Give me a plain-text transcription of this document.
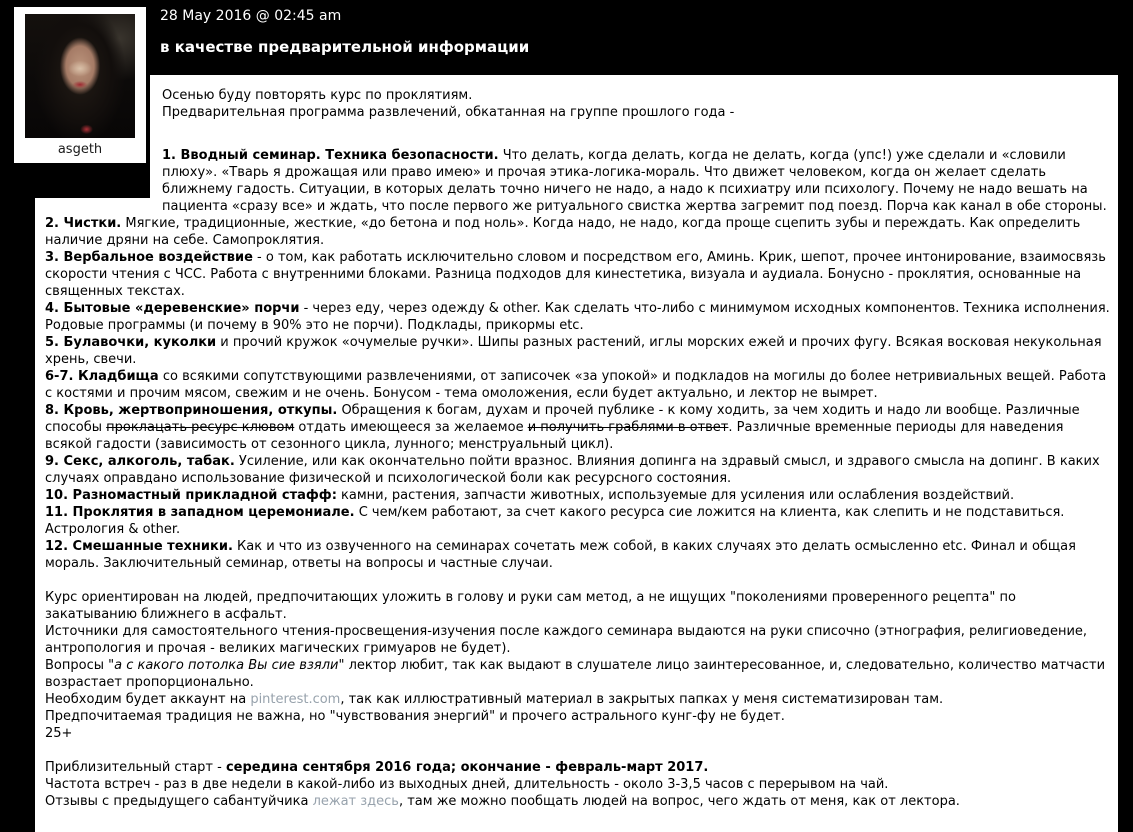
28 May 2016 @ 02:45 am
в качестве предварительной информации
asgeth
Осенью буду повторять курс по проклятиям.
Предварительная программа развлечений, обкатанная на группе прошлого года -
1. Вводный семинар. Техника безопасности. Что делать, когда делать, когда не делать, когда (упс!) уже сделали и «словили плюху». «Тварь я дрожащая или право имею» и прочая этика-логика-мораль. Что движет человеком, когда он желает сделать ближнему гадость. Ситуации, в которых делать точно ничего не надо, а надо к психиатру или психологу. Почему не надо вешать на пациента «сразу все» и ждать, что после первого же ритуального свистка жертва загремит под поезд. Порча как канал в обе стороны.
2. Чистки. Мягкие, традиционные, жесткие, «до бетона и под ноль». Когда надо, не надо, когда проще сцепить зубы и переждать. Как определить наличие дряни на себе. Самопроклятия.
3. Вербальное воздействие - о том, как работать исключительно словом и посредством его, Аминь. Крик, шепот, прочее интонирование, взаимосвязь скорости чтения с ЧСС. Работа с внутренними блоками. Разница подходов для кинестетика, визуала и аудиала. Бонусно - проклятия, основанные на священных текстах.
4. Бытовые «деревенские» порчи - через еду, через одежду & other. Как сделать что-либо с минимумом исходных компонентов. Техника исполнения. Родовые программы (и почему в 90% это не порчи). Подклады, прикормы etc.
5. Булавочки, куколки и прочий кружок «очумелые ручки». Шипы разных растений, иглы морских ежей и прочих фугу. Всякая восковая некукольная хрень, свечи.
6-7. Кладбища со всякими сопутствующими развлечениями, от записочек «за упокой» и подкладов на могилы до более нетривиальных вещей. Работа с костями и прочим мясом, свежим и не очень. Бонусом - тема омоложения, если будет актуально, и лектор не вымрет.
8. Кровь, жертвоприношения, откупы. Обращения к богам, духам и прочей публике - к кому ходить, за чем ходить и надо ли вообще. Различные способы проклацать ресурс клювом отдать имеющееся за желаемое и получить граблями в ответ. Различные временные периоды для наведения всякой гадости (зависимость от сезонного цикла, лунного; менструальный цикл).
9. Секс, алкоголь, табак. Усиление, или как окончательно пойти вразнос. Влияния допинга на здравый смысл, и здравого смысла на допинг. В каких случаях оправдано использование физической и психологической боли как ресурсного состояния.
10. Разномастный прикладной стафф: камни, растения, запчасти животных, используемые для усиления или ослабления воздействий.
11. Проклятия в западном церемониале. С чем/кем работают, за счет какого ресурса сие ложится на клиента, как слепить и не подставиться. Астрология & other.
12. Смешанные техники. Как и что из озвученного на семинарах сочетать меж собой, в каких случаях это делать осмысленно etc. Финал и общая мораль. Заключительный семинар, ответы на вопросы и частные случаи.
Курс ориентирован на людей, предпочитающих уложить в голову и руки сам метод, а не ищущих "поколениями проверенного рецепта" по закатыванию ближнего в асфальт.
Источники для самостоятельного чтения-просвещения-изучения после каждого семинара выдаются на руки списочно (этнография, религиоведение, антропология и прочая - великих магических гримуаров не будет).
Вопросы "а с какого потолка Вы сие взяли" лектор любит, так как выдают в слушателе лицо заинтересованное, и, следовательно, количество матчасти возрастает пропорционально.
Необходим будет аккаунт на pinterest.com, так как иллюстративный материал в закрытых папках у меня систематизирован там.
Предпочитаемая традиция не важна, но "чувствования энергий" и прочего астрального кунг-фу не будет.
25+
Приблизительный старт - середина сентября 2016 года; окончание - февраль-март 2017.
Частота встреч - раз в две недели в какой-либо из выходных дней, длительность - около 3-3,5 часов с перерывом на чай.
Отзывы с предыдущего сабантуйчика лежат здесь, там же можно пообщать людей на вопрос, чего ждать от меня, как от лектора.
